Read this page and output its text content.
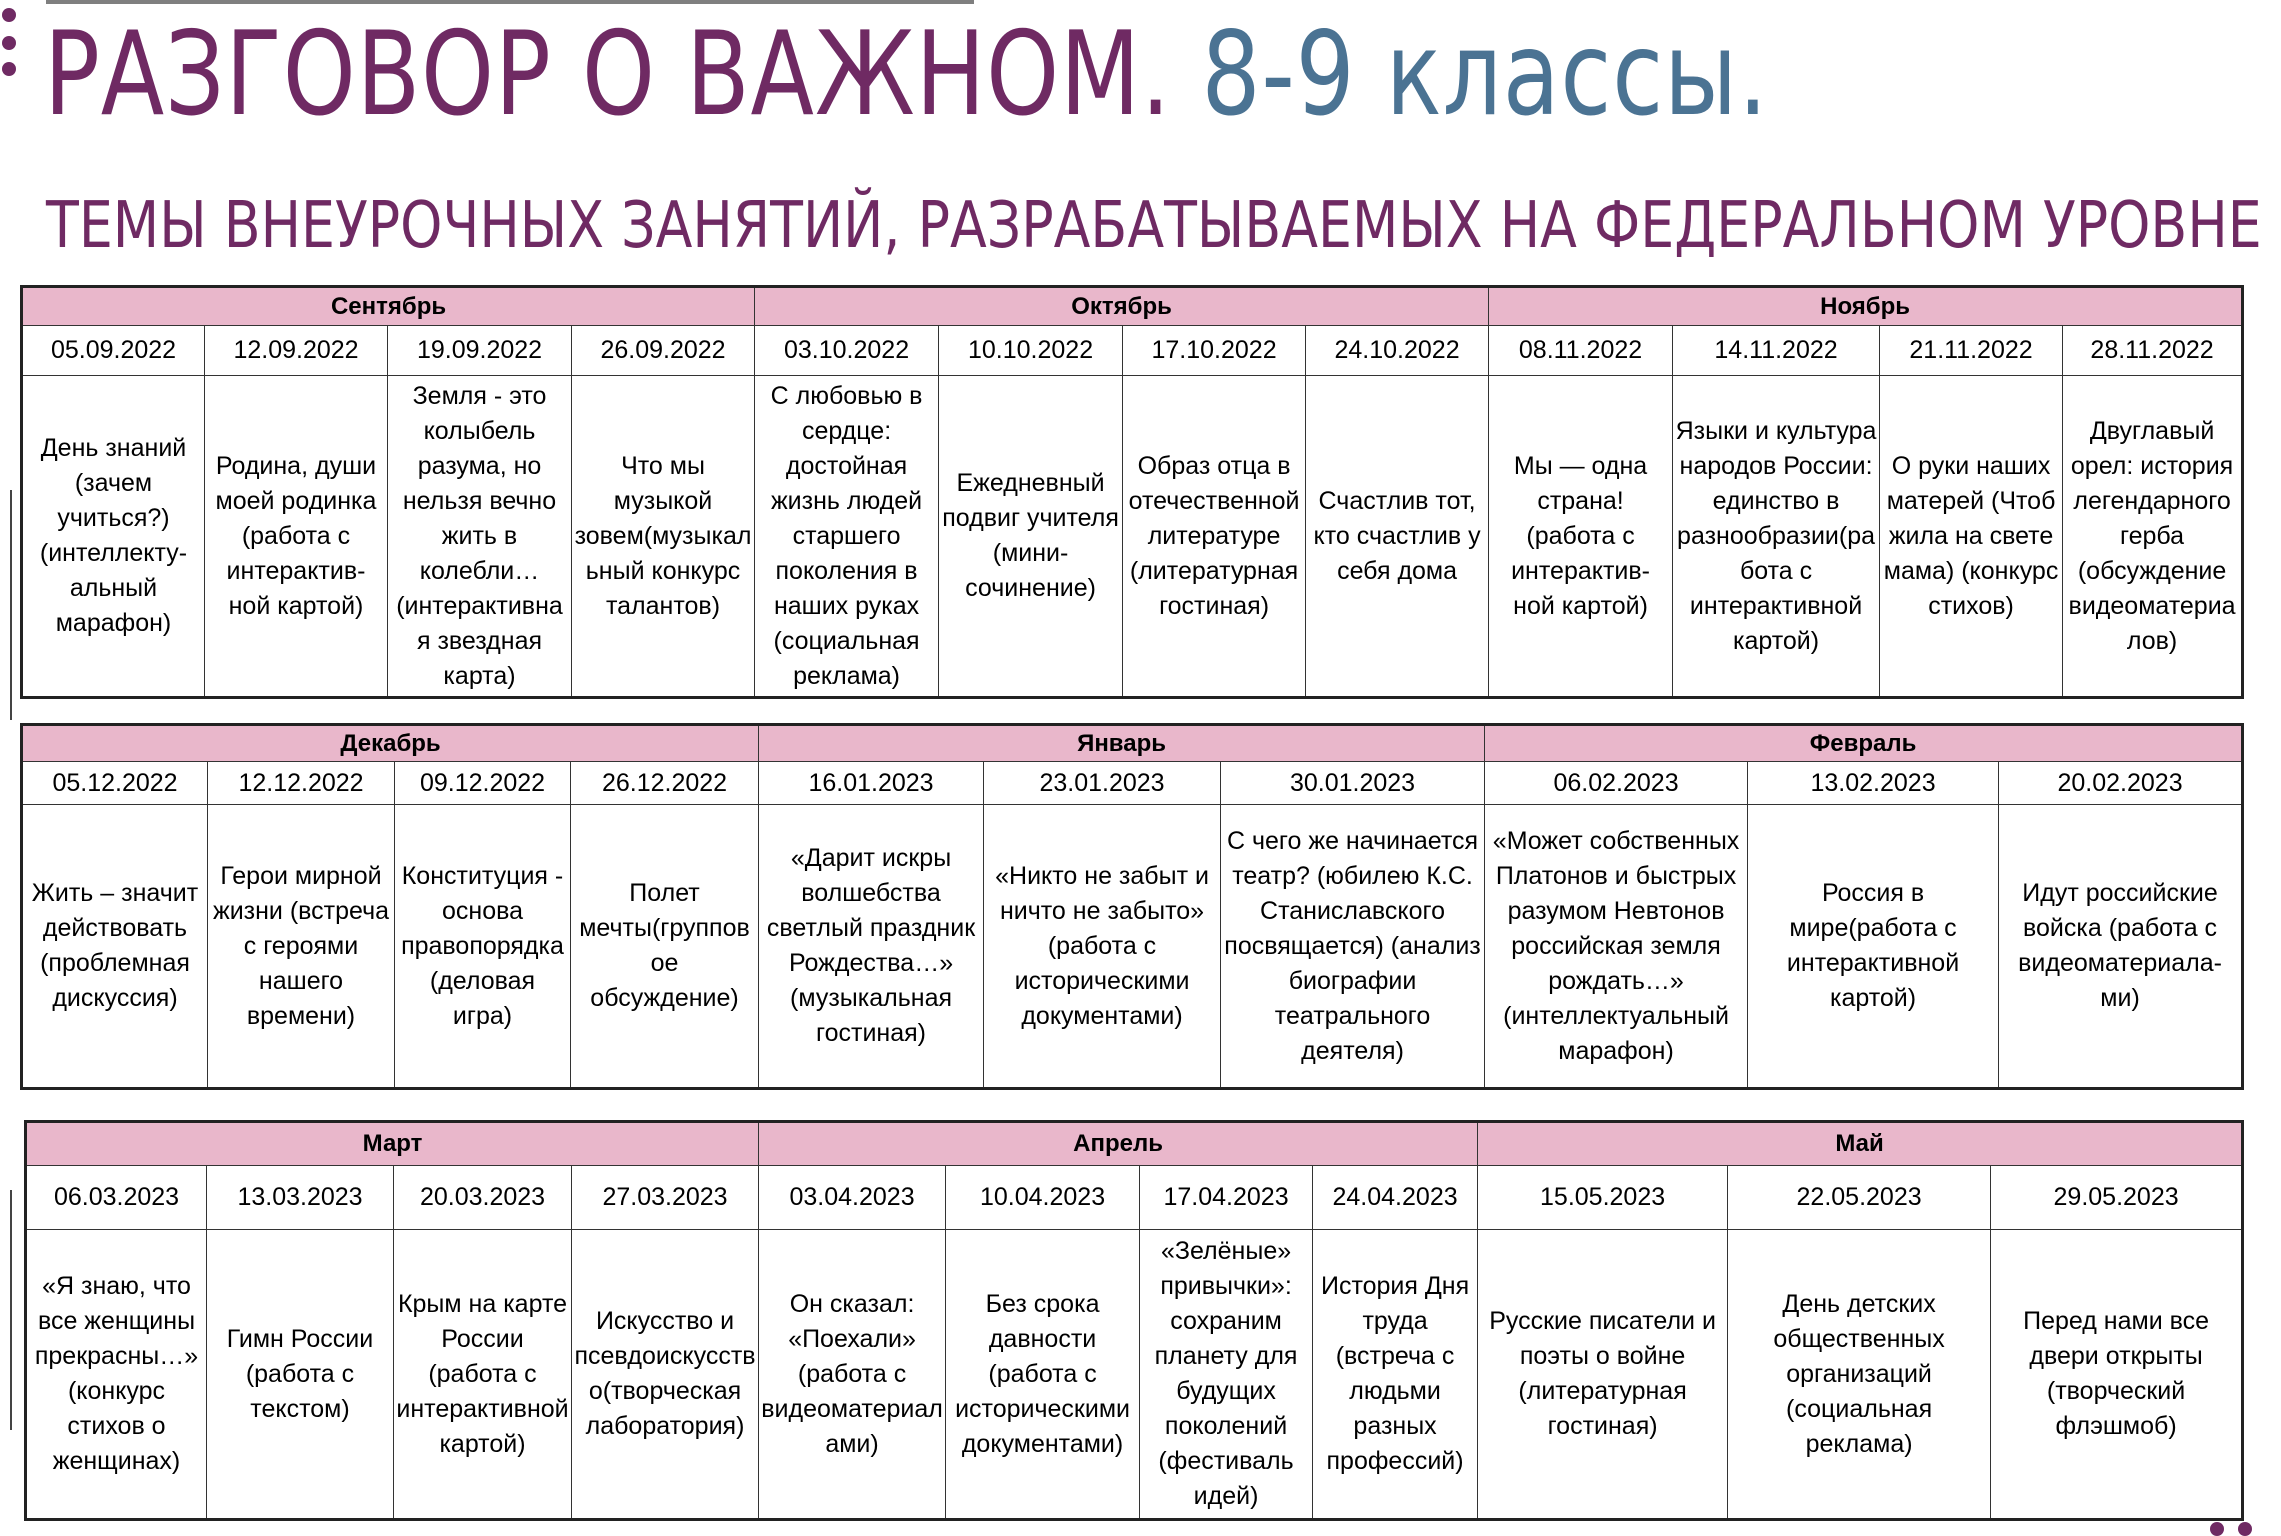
РАЗГОВОР О ВАЖНОМ. 8-9 классы.
ТЕМЫ ВНЕУРОЧНЫХ ЗАНЯТИЙ, РАЗРАБАТЫВАЕМЫХ НА ФЕДЕРАЛЬНОМ УРОВНЕ
Сентябрь				Октябрь				Ноябрь			
05.09.2022	12.09.2022	19.09.2022	26.09.2022	03.10.2022	10.10.2022	17.10.2022	24.10.2022	08.11.2022	14.11.2022	21.11.2022	28.11.2022
День знаний (зачем учиться?) (интеллекту-альный марафон)	Родина, души моей родинка (работа с интерактив-ной картой)	Земля - это колыбель разума, но нельзя вечно жить в колебли…(интерактивная звездная карта)	Что мы музыкой зовем(музыкальный конкурс талантов)	С любовью в сердце: достойная жизнь людей старшего поколения в наших руках (социальная реклама)	Ежедневный подвиг учителя (мини-сочинение)	Образ отца в отечественной литературе (литературная гостиная)	Счастлив тот, кто счастлив у себя дома	Мы — одна страна! (работа с интерактив-ной картой)	Языки и культура народов России: единство в разнообразии(работа с интерактивной картой)	О руки наших матерей (Чтоб жила на свете мама) (конкурс стихов)	Двуглавый орел: история легендарного герба (обсуждение видеоматериалов)
Декабрь				Январь			Февраль		
05.12.2022	12.12.2022	09.12.2022	26.12.2022	16.01.2023	23.01.2023	30.01.2023	06.02.2023	13.02.2023	20.02.2023
Жить – значит действовать (проблемная дискуссия)	Герои мирной жизни (встреча с героями нашего времени)	Конституция - основа правопорядка (деловая игра)	Полет мечты(групповое обсуждение)	«Дарит искры волшебства светлый праздник Рождества…» (музыкальная гостиная)	«Никто не забыт и ничто не забыто» (работа с историческими документами)	С чего же начинается театр? (юбилею К.С. Станиславского посвящается) (анализ биографии театрального деятеля)	«Может собственных Платонов и быстрых разумом Невтонов российская земля рождать…» (интеллектуальный марафон)	Россия в мире(работа с интерактивной картой)	Идут российские войска (работа с видеоматериала-ми)
Март				Апрель				Май		
06.03.2023	13.03.2023	20.03.2023	27.03.2023	03.04.2023	10.04.2023	17.04.2023	24.04.2023	15.05.2023	22.05.2023	29.05.2023
«Я знаю, что все женщины прекрасны…» (конкурс стихов о женщинах)	Гимн России (работа с текстом)	Крым на карте России (работа с интерактивной картой)	Искусство и псевдоискусство(творческая лаборатория)	Он сказал: «Поехали» (работа с видеоматериалами)	Без срока давности (работа с историческими документами)	«Зелёные» привычки»: сохраним планету для будущих поколений (фестиваль идей)	История Дня труда (встреча с людьми разных профессий)	Русские писатели и поэты о войне (литературная гостиная)	День детских общественных организаций (социальная реклама)	Перед нами все двери открыты (творческий флэшмоб)
